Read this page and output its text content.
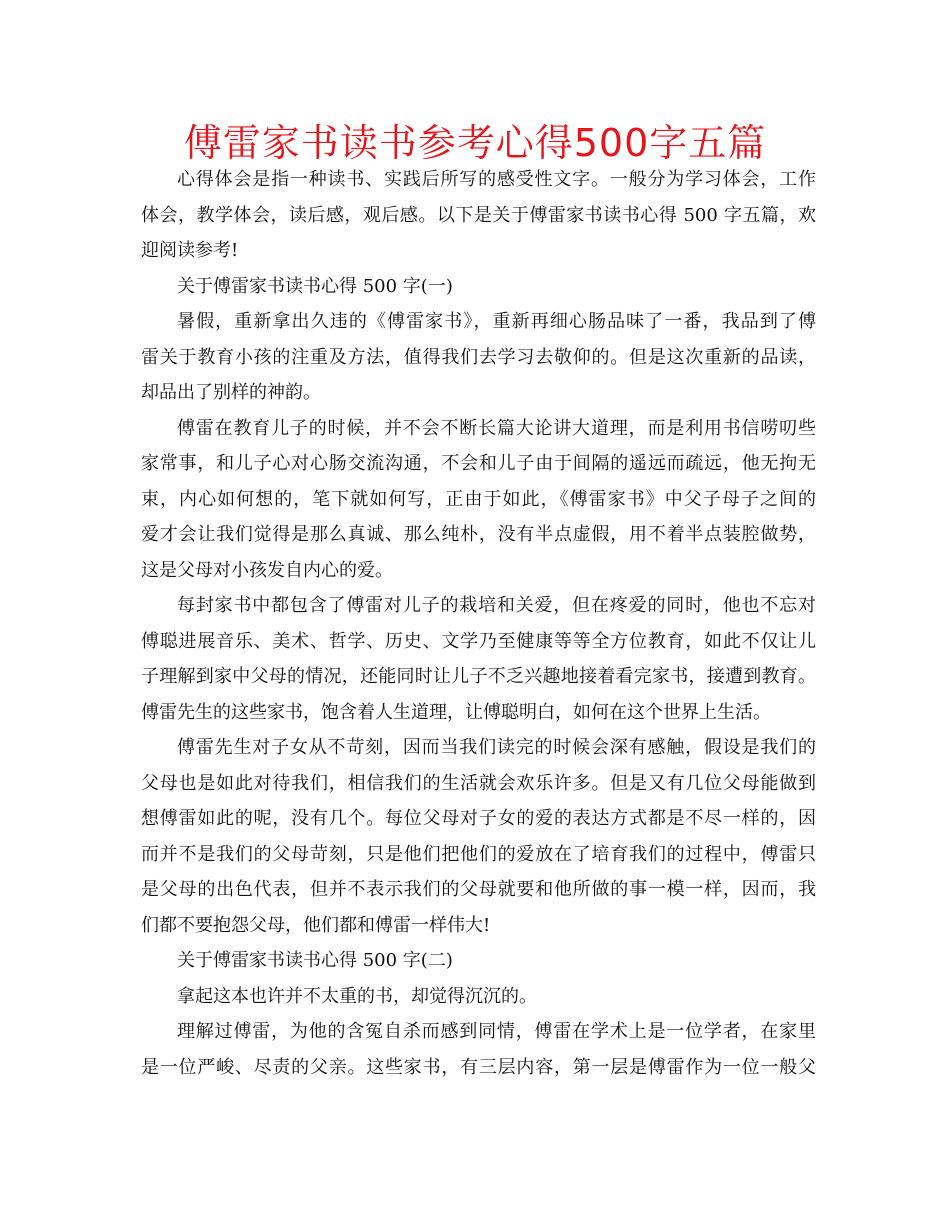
傅雷家书读书参考心得500字五篇
心得体会是指一种读书、实践后所写的感受性文字。一般分为学习体会，工作
体会，教学体会，读后感，观后感。以下是关于傅雷家书读书心得 500 字五篇，欢
迎阅读参考!
关于傅雷家书读书心得 500 字(一)
暑假，重新拿出久违的《傅雷家书》，重新再细心肠品味了一番，我品到了傅
雷关于教育小孩的注重及方法，值得我们去学习去敬仰的。但是这次重新的品读，
却品出了别样的神韵。
傅雷在教育儿子的时候，并不会不断长篇大论讲大道理，而是利用书信唠叨些
家常事，和儿子心对心肠交流沟通，不会和儿子由于间隔的遥远而疏远，他无拘无
束，内心如何想的，笔下就如何写，正由于如此，《傅雷家书》中父子母子之间的
爱才会让我们觉得是那么真诚、那么纯朴，没有半点虚假，用不着半点装腔做势，
这是父母对小孩发自内心的爱。
每封家书中都包含了傅雷对儿子的栽培和关爱，但在疼爱的同时，他也不忘对
傅聪进展音乐、美术、哲学、历史、文学乃至健康等等全方位教育，如此不仅让儿
子理解到家中父母的情况，还能同时让儿子不乏兴趣地接着看完家书，接遭到教育。
傅雷先生的这些家书，饱含着人生道理，让傅聪明白，如何在这个世界上生活。
傅雷先生对子女从不苛刻，因而当我们读完的时候会深有感触，假设是我们的
父母也是如此对待我们，相信我们的生活就会欢乐许多。但是又有几位父母能做到
想傅雷如此的呢，没有几个。每位父母对子女的爱的表达方式都是不尽一样的，因
而并不是我们的父母苛刻，只是他们把他们的爱放在了培育我们的过程中，傅雷只
是父母的出色代表，但并不表示我们的父母就要和他所做的事一模一样，因而，我
们都不要抱怨父母，他们都和傅雷一样伟大!
关于傅雷家书读书心得 500 字(二)
拿起这本也许并不太重的书，却觉得沉沉的。
理解过傅雷，为他的含冤自杀而感到同情，傅雷在学术上是一位学者，在家里
是一位严峻、尽责的父亲。这些家书，有三层内容，第一层是傅雷作为一位一般父
